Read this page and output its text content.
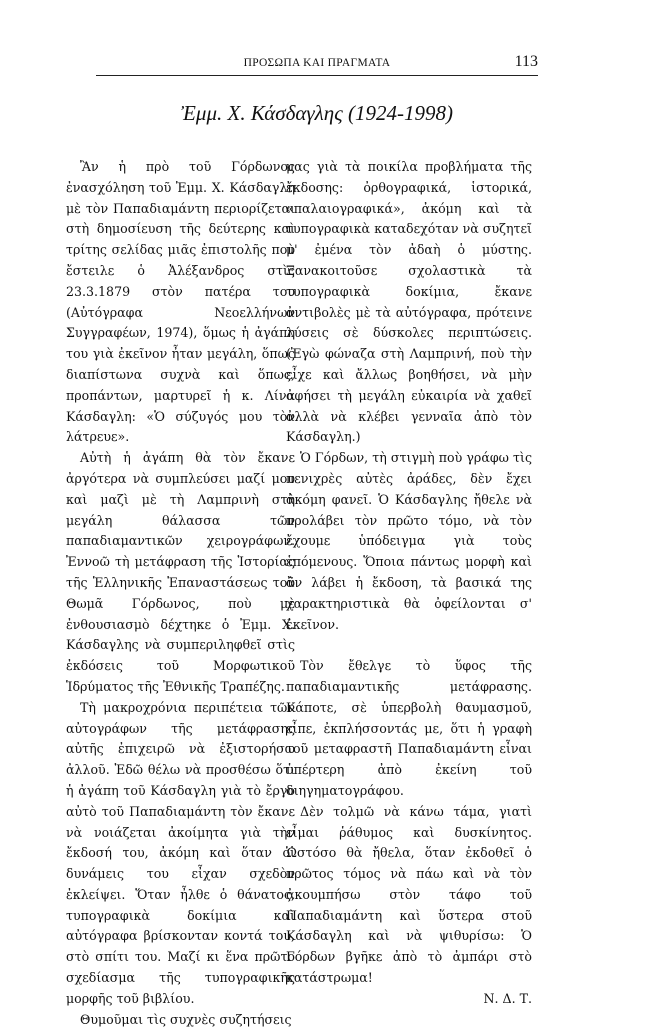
ΠΡΟΣΩΠΑ ΚΑΙ ΠΡΑΓΜΑΤΑ	113
Ἐμμ. Χ. Κάσδαγλης (1924-1998)

Ἂν ἡ πρὸ τοῦ Γόρδωνος ἐνασχόληση τοῦ Ἐμμ. Χ. Κάσδαγλη μὲ τὸν Παπαδιαμάντη περιορίζεται στὴ δημοσίευση τῆς δεύτερης καὶ τρίτης σελίδας μιᾶς ἐπιστολῆς ποὺ ἔστειλε ὁ Ἀλέξανδρος στὶς 23.3.1879 στὸν πατέρα του (Αὐτόγραφα Νεοελλήνων Συγγραφέων, 1974), ὅμως ἡ ἀγάπη του γιὰ ἐκεῖνον ἦταν μεγάλη, ὅπως διαπίστωνα συχνὰ καὶ ὅπως, προπάντων, μαρτυρεῖ ἡ κ. Λίνα Κάσδαγλη: «Ὁ σύζυγός μου τὸν λάτρευε».

Αὐτὴ ἡ ἀγάπη θὰ τὸν ἔκανε ἀργότερα νὰ συμπλεύσει μαζί μου καὶ μαζὶ μὲ τὴ Λαμπρινὴ στὴ μεγάλη θάλασσα τῶν παπαδιαμαντικῶν χειρογράφων. Ἐννοῶ τὴ μετάφραση τῆς Ἱστορίας τῆς Ἑλληνικῆς Ἐπαναστάσεως τοῦ Θωμᾶ Γόρδωνος, ποὺ μὲ ἐνθουσιασμὸ δέχτηκε ὁ Ἐμμ. Χ. Κάσδαγλης νὰ συμπεριληφθεῖ στὶς ἐκδόσεις τοῦ Μορφωτικοῦ Ἱδρύματος τῆς Ἐθνικῆς Τραπέζης.

Τὴ μακροχρόνια περιπέτεια τῶν αὐτογράφων τῆς μετάφρασης αὐτῆς ἐπιχειρῶ νὰ ἐξιστορήσω ἀλλοῦ. Ἐδῶ θέλω νὰ προσθέσω ὅτι ἡ ἀγάπη τοῦ Κάσδαγλη γιὰ τὸ ἔργο αὐτὸ τοῦ Παπαδιαμάντη τὸν ἔκανε νὰ νοιάζεται ἀκοίμητα γιὰ τὴν ἔκδοσή του, ἀκόμη καὶ ὅταν οἱ δυνάμεις του εἶχαν σχεδὸν ἐκλείψει. Ὅταν ἦλθε ὁ θάνατος, τυπογραφικὰ δοκίμια καὶ αὐτόγραφα βρίσκονταν κοντά του, στὸ σπίτι του. Μαζί κι ἕνα πρῶτο σχεδίασμα τῆς τυπογραφικῆς μορφῆς τοῦ βιβλίου.

Θυμοῦμαι τὶς συχνὲς συζητήσεις

μας γιὰ τὰ ποικίλα προβλήματα τῆς ἔκδοσης: ὀρθογραφικά, ἱστορικά, «παλαιογραφικά», ἀκόμη καὶ τὰ τυπογραφικὰ καταδεχόταν νὰ συζητεῖ μ' ἐμένα τὸν ἀδαὴ ὁ μύστης. Ξανακοιτοῦσε σχολαστικὰ τὰ τυπογραφικὰ δοκίμια, ἔκανε ἀντιβολὲς μὲ τὰ αὐτόγραφα, πρότεινε λύσεις σὲ δύσκολες περιπτώσεις. (Ἐγὼ φώναζα στὴ Λαμπρινή, ποὺ τὴν εἶχε καὶ ἄλλως βοηθήσει, νὰ μὴν ἀφήσει τὴ μεγάλη εὐκαιρία νὰ χαθεῖ ἀλλὰ νὰ κλέβει γενναῖα ἀπὸ τὸν Κάσδαγλη.)

Ὁ Γόρδων, τὴ στιγμὴ ποὺ γράφω τὶς πενιχρὲς αὐτὲς ἀράδες, δὲν ἔχει ἀκόμη φανεῖ. Ὁ Κάσδαγλης ἤθελε νὰ προλάβει τὸν πρῶτο τόμο, νὰ τὸν ἔχουμε ὑπόδειγμα γιὰ τοὺς ἑπόμενους. Ὅποια πάντως μορφὴ καὶ ἂν λάβει ἡ ἔκδοση, τὰ βασικά της χαρακτηριστικὰ θὰ ὀφείλονται σ' ἐκεῖνον.

Τὸν ἔθελγε τὸ ὕφος τῆς παπαδιαμαντικῆς μετάφρασης. Κάποτε, σὲ ὑπερβολὴ θαυμασμοῦ, εἶπε, ἐκπλήσσοντάς με, ὅτι ἡ γραφὴ τοῦ μεταφραστῆ Παπαδιαμάντη εἶναι ὑπέρτερη ἀπὸ ἐκείνη τοῦ διηγηματογράφου.

Δὲν τολμῶ νὰ κάνω τάμα, γιατὶ εἶμαι ῥάθυμος καὶ δυσκίνητος. Ὡστόσο θὰ ἤθελα, ὅταν ἐκδοθεῖ ὁ πρῶτος τόμος νὰ πάω καὶ νὰ τὸν ἀκουμπήσω στὸν τάφο τοῦ Παπαδιαμάντη καὶ ὕστερα στοῦ Κάσδαγλη καὶ νὰ ψιθυρίσω: Ὁ Γόρδων βγῆκε ἀπὸ τὸ ἀμπάρι στὸ κατάστρωμα!

Ν. Δ. Τ.
